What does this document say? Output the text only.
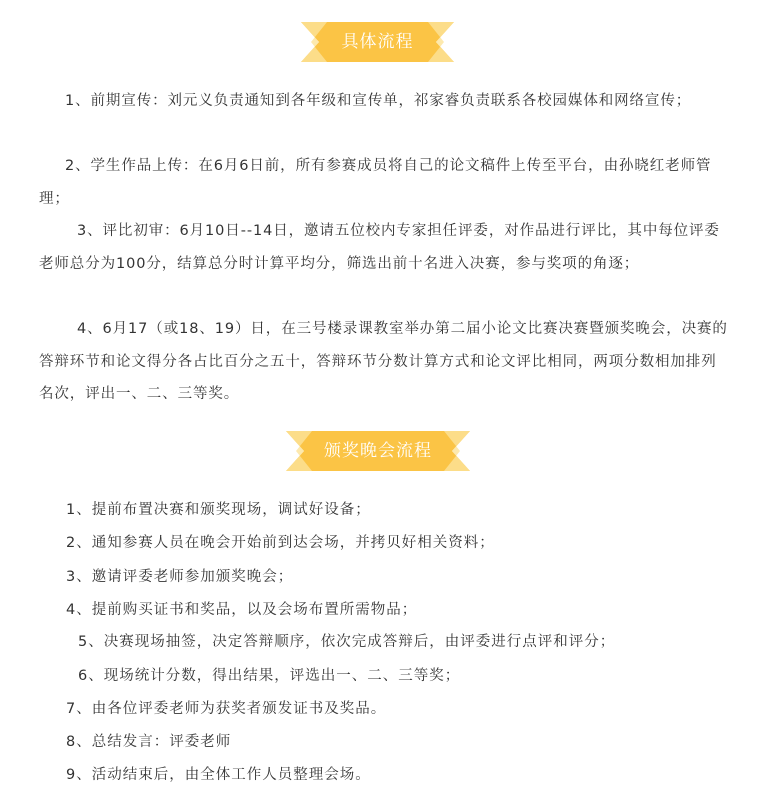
具体流程

1、前期宣传：刘元义负责通知到各年级和宣传单，祁家睿负责联系各校园媒体和网络宣传；

2、学生作品上传：在6月6日前，所有参赛成员将自己的论文稿件上传至平台，由孙晓红老师管理；

3、评比初审：6月10日--14日，邀请五位校内专家担任评委，对作品进行评比，其中每位评委老师总分为100分，结算总分时计算平均分，筛选出前十名进入决赛，参与奖项的角逐；

4、6月17（或18、19）日，在三号楼录课教室举办第二届小论文比赛决赛暨颁奖晚会，决赛的答辩环节和论文得分各占比百分之五十，答辩环节分数计算方式和论文评比相同，两项分数相加排列名次，评出一、二、三等奖。

颁奖晚会流程

1、提前布置决赛和颁奖现场，调试好设备；

2、通知参赛人员在晚会开始前到达会场，并拷贝好相关资料；

3、邀请评委老师参加颁奖晚会；

4、提前购买证书和奖品，以及会场布置所需物品；

5、决赛现场抽签，决定答辩顺序，依次完成答辩后，由评委进行点评和评分；

6、现场统计分数，得出结果，评选出一、二、三等奖；

7、由各位评委老师为获奖者颁发证书及奖品。

8、总结发言：评委老师

9、活动结束后，由全体工作人员整理会场。
